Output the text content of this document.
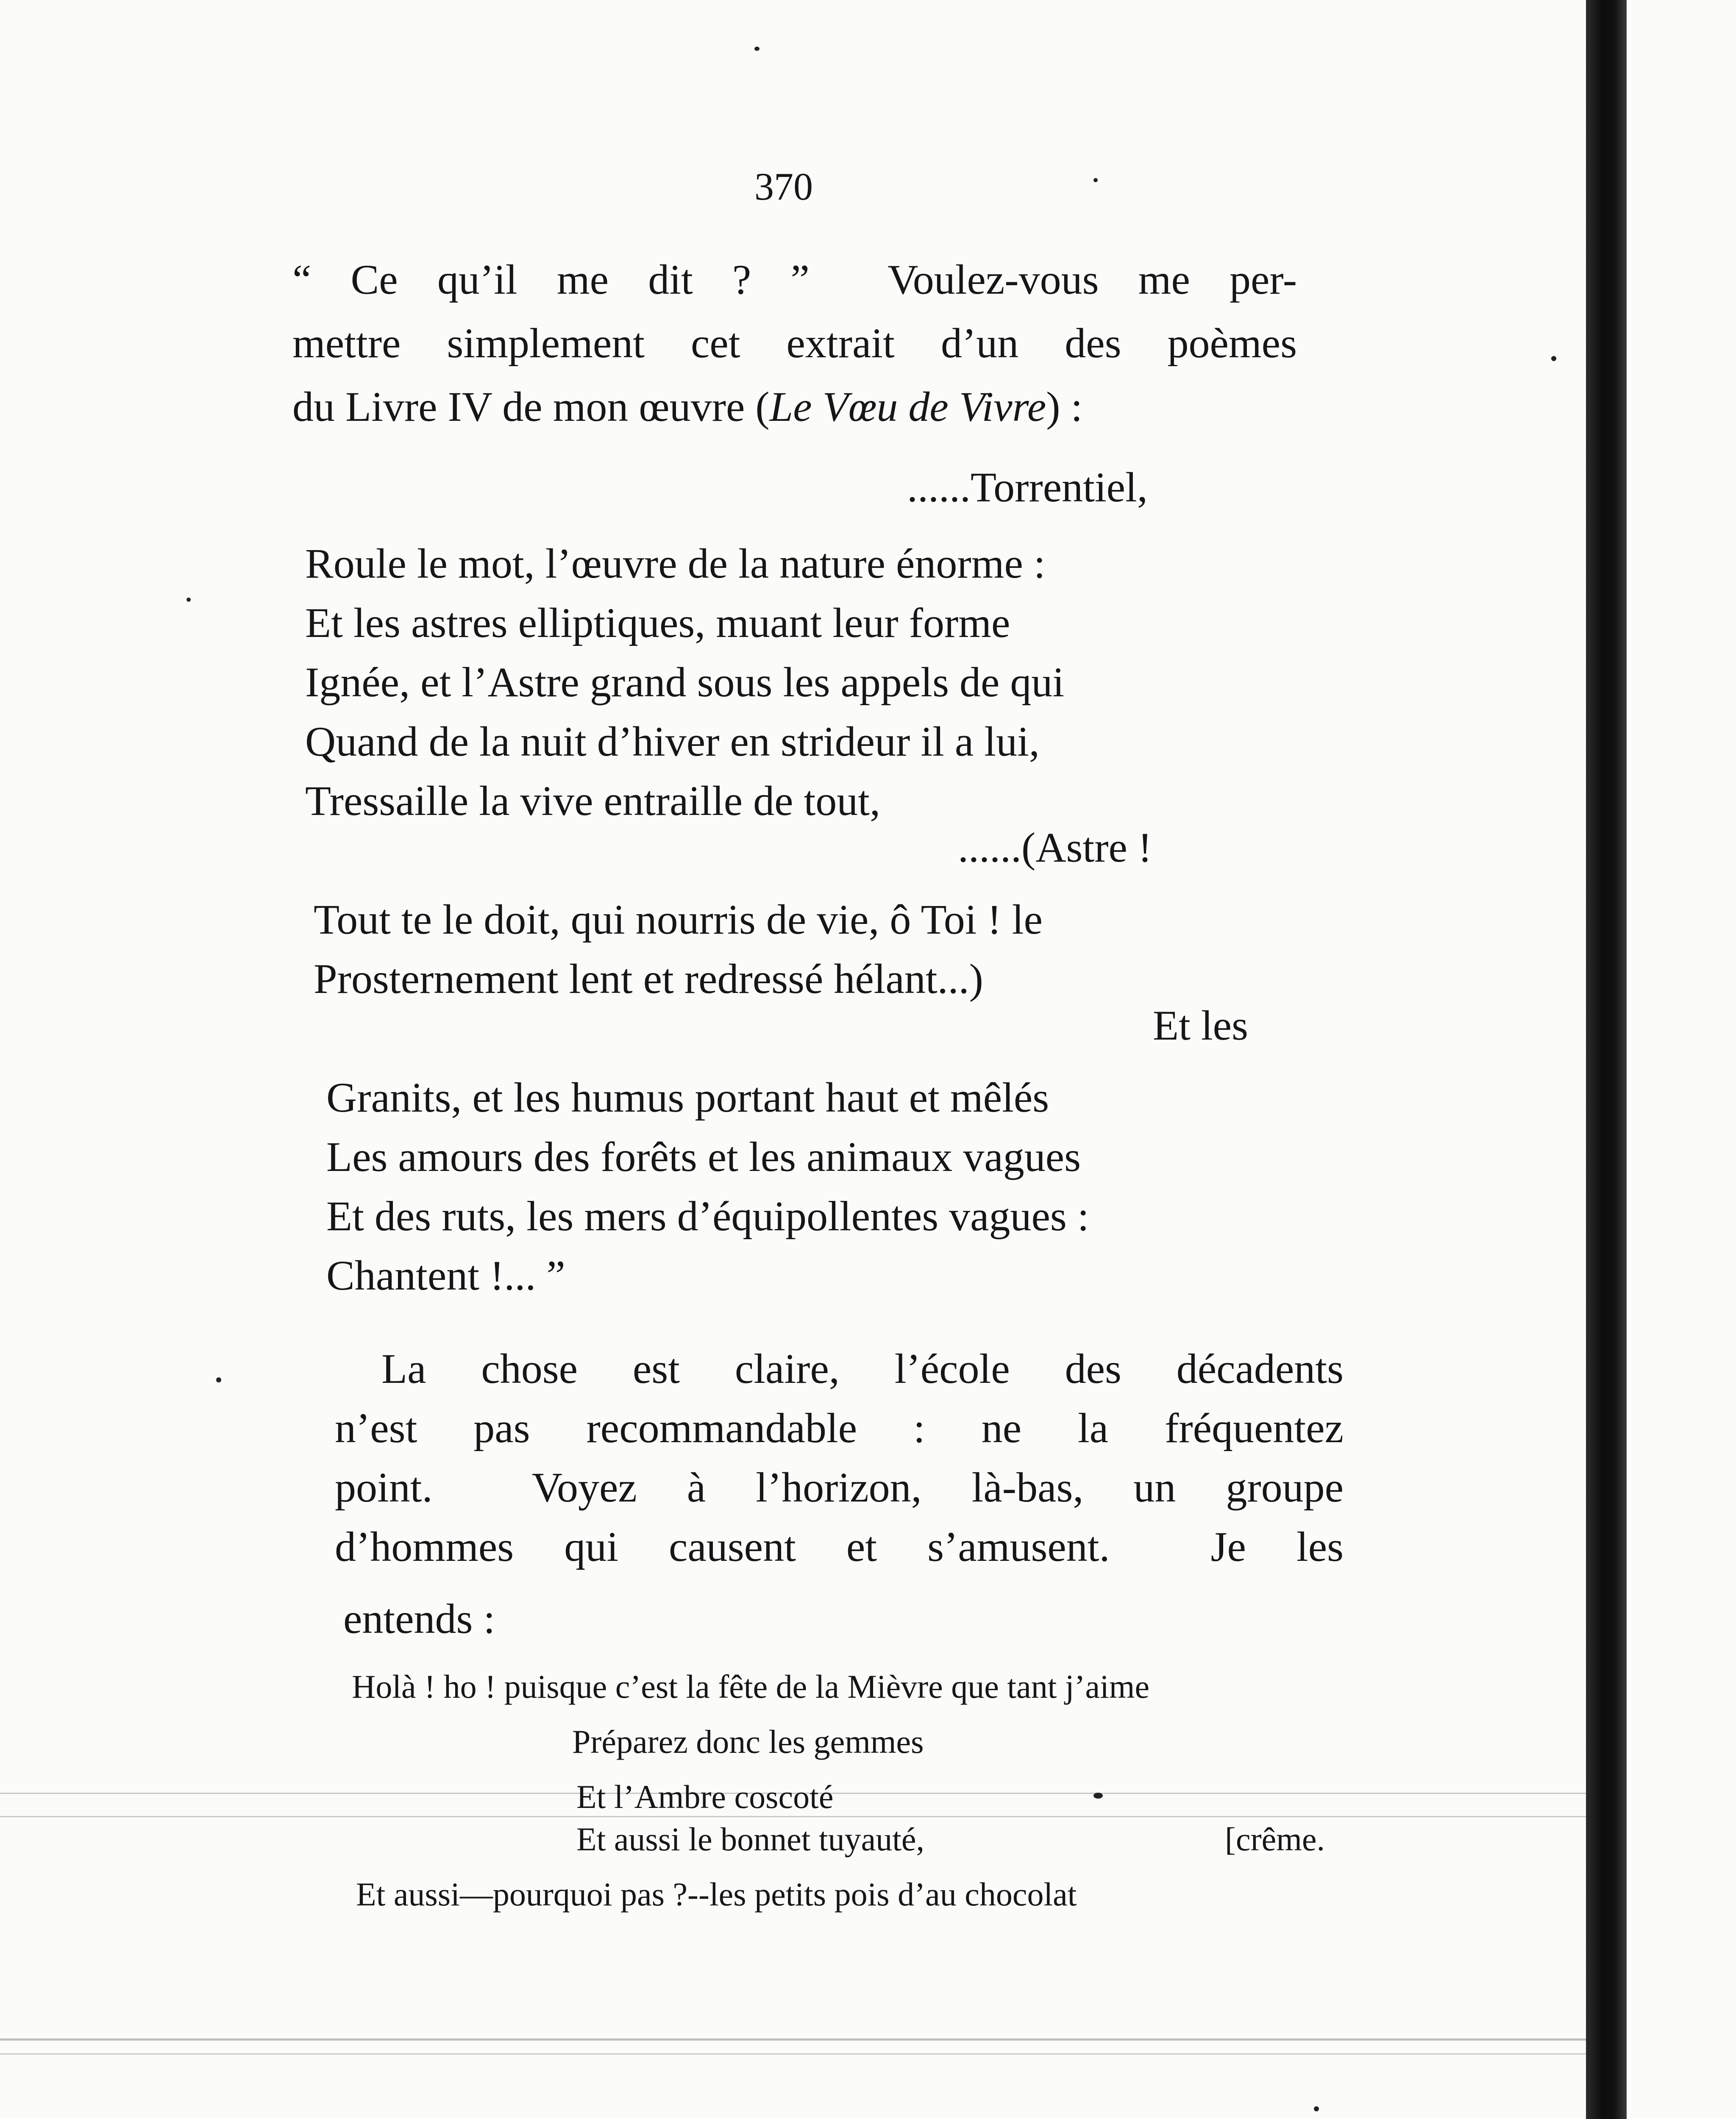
370
“ Ce qu’il me dit ? ”  Voulez-vous me per-
mettre simplement cet extrait d’un des poèmes
du Livre IV de mon œuvre (Le Vœu de Vivre) :
......Torrentiel,
Roule le mot, l’œuvre de la nature énorme :
Et les astres elliptiques, muant leur forme
Ignée, et l’Astre grand sous les appels de qui
Quand de la nuit d’hiver en strideur il a lui,
Tressaille la vive entraille de tout,
......(Astre !
Tout te le doit, qui nourris de vie, ô Toi ! le
Prosternement lent et redressé hélant...)
Et les
Granits, et les humus portant haut et mêlés
Les amours des forêts et les animaux vagues
Et des ruts, les mers d’équipollentes vagues :
Chantent !... ”
La chose est claire, l’école des décadents
n’est pas recommandable : ne la fréquentez
point.  Voyez à l’horizon, là-bas, un groupe
d’hommes qui causent et s’amusent.  Je les
entends :
Holà ! ho ! puisque c’est la fête de la Mièvre que tant j’aime
Préparez donc les gemmes
Et l’Ambre coscoté
Et aussi le bonnet tuyauté,	[crême.
Et aussi—pourquoi pas ?--les petits pois d’au chocolat
